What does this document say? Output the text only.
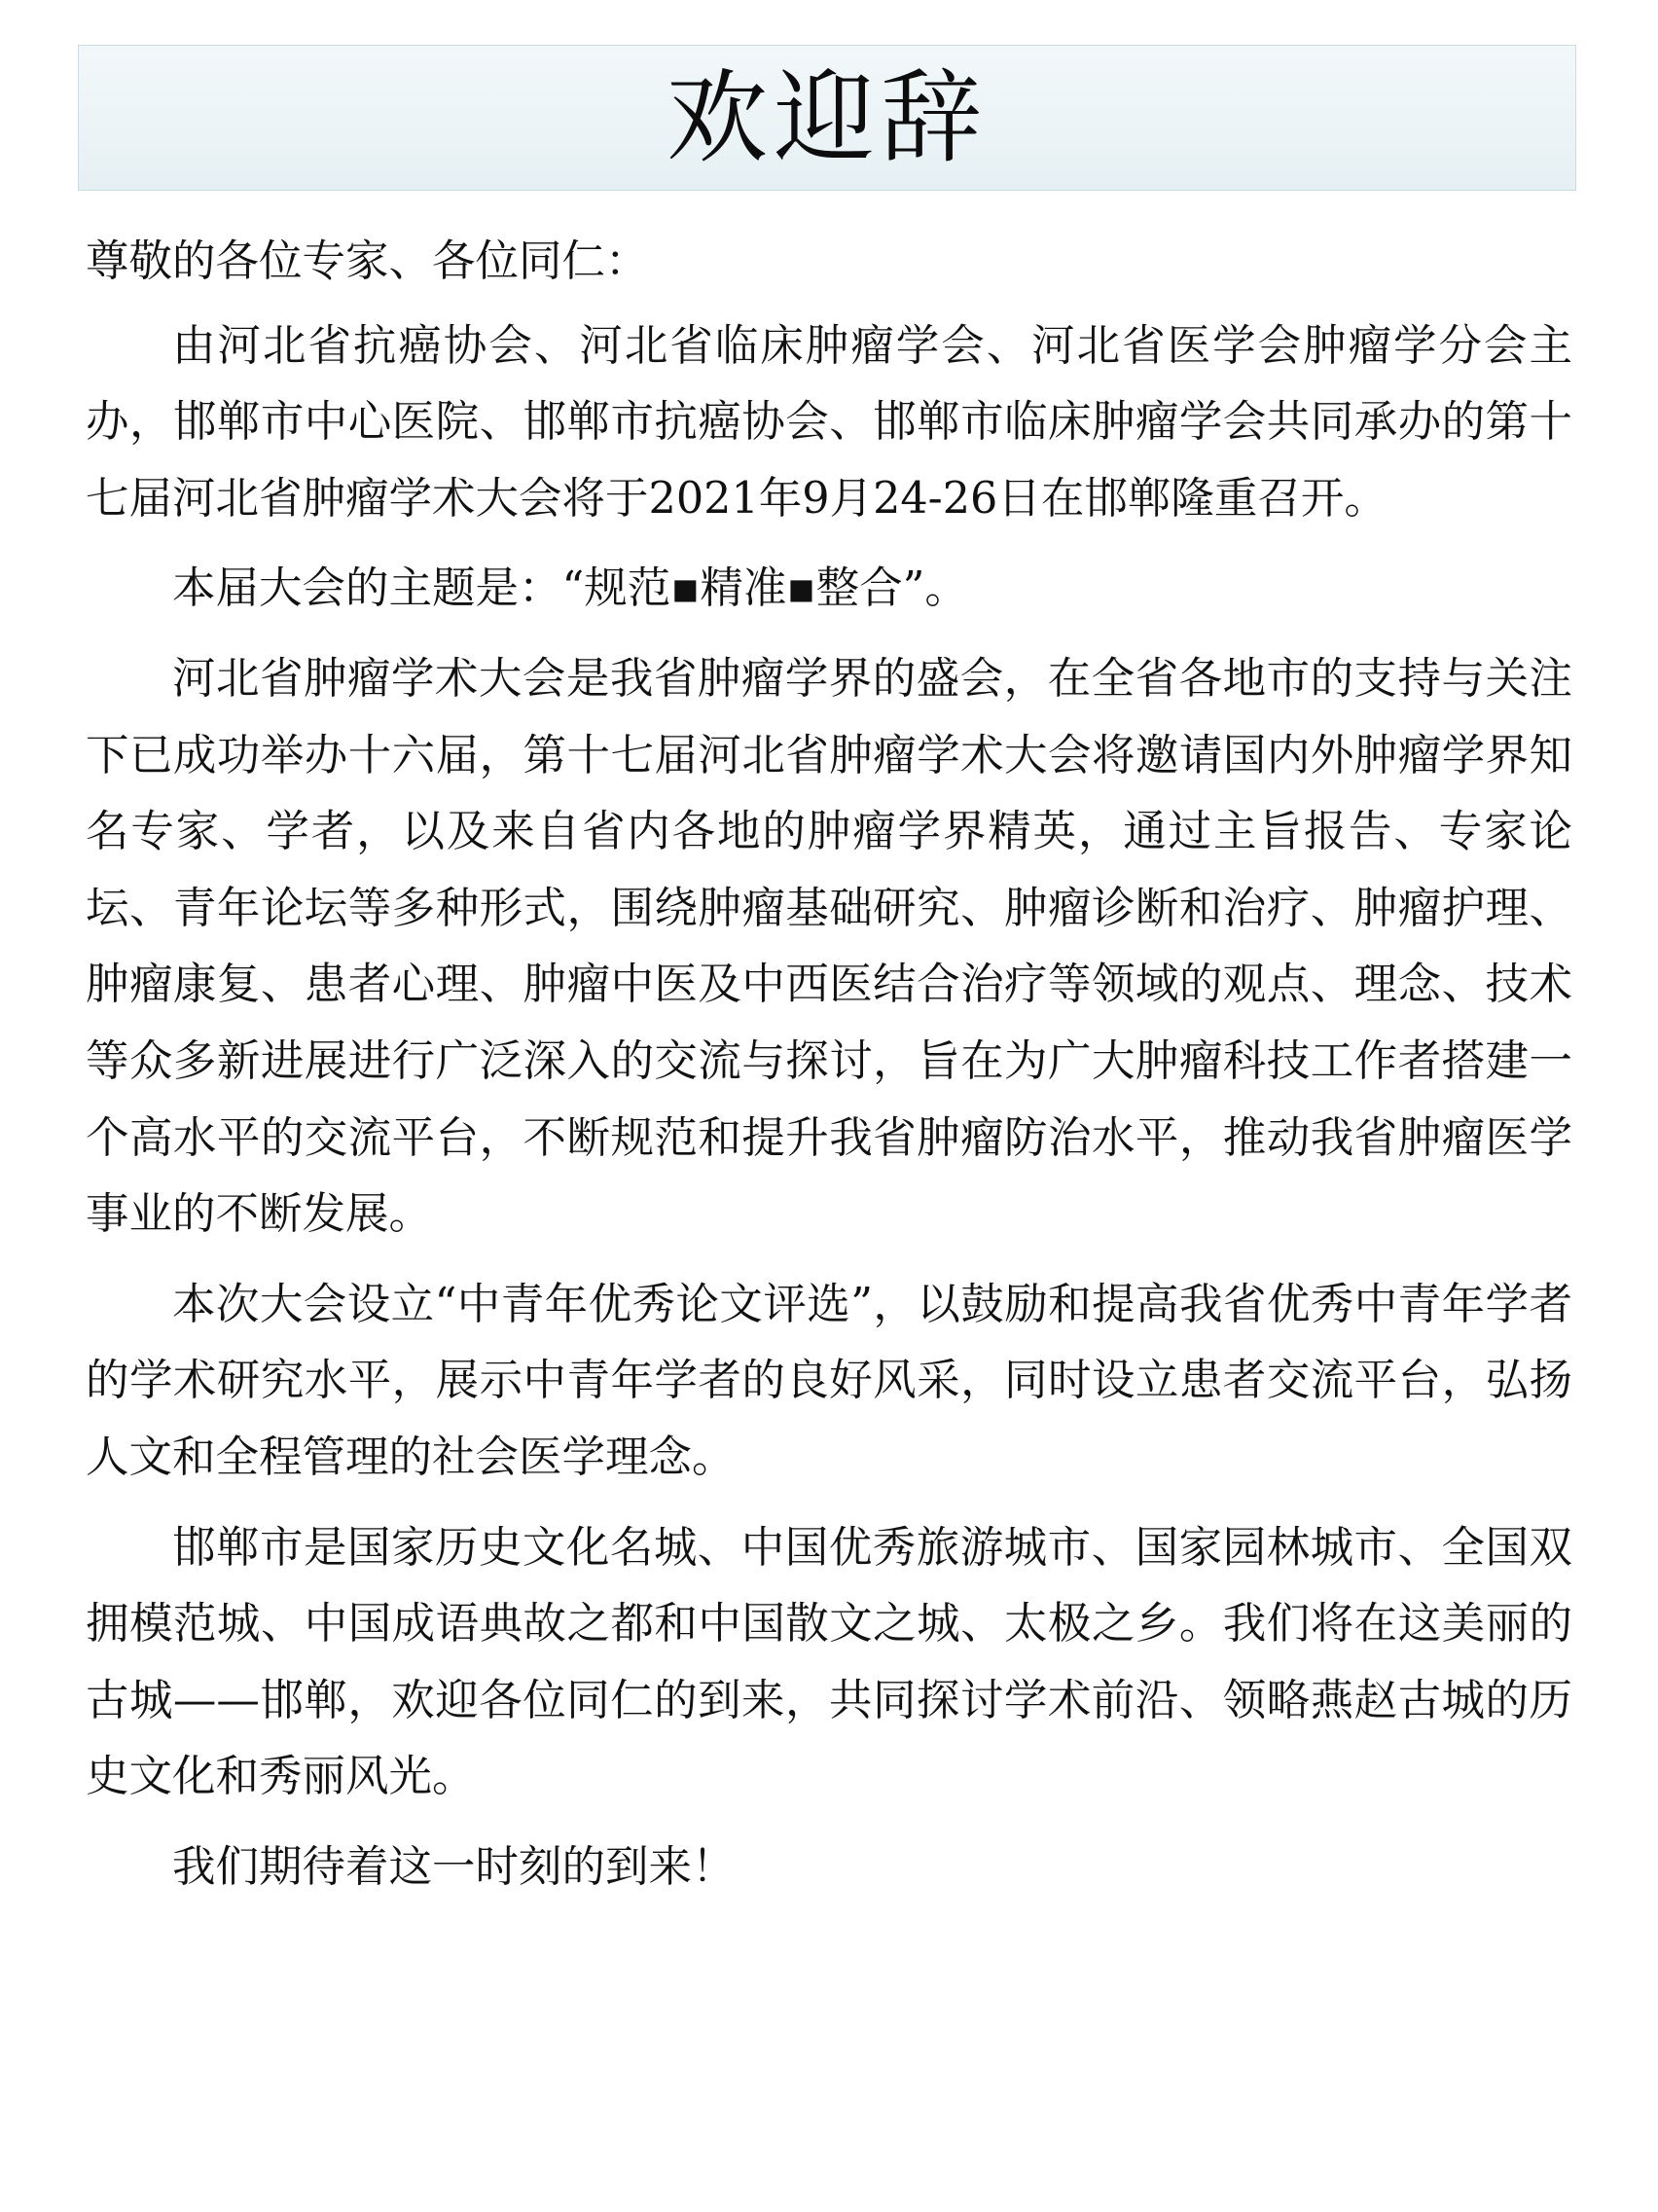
欢迎辞

尊敬的各位专家、各位同仁：

由河北省抗癌协会、河北省临床肿瘤学会、河北省医学会肿瘤学分会主办，邯郸市中心医院、邯郸市抗癌协会、邯郸市临床肿瘤学会共同承办的第十七届河北省肿瘤学术大会将于2021年9月24-26日在邯郸隆重召开。

本届大会的主题是：“规范▪精准▪整合”。

河北省肿瘤学术大会是我省肿瘤学界的盛会，在全省各地市的支持与关注下已成功举办十六届，第十七届河北省肿瘤学术大会将邀请国内外肿瘤学界知名专家、学者，以及来自省内各地的肿瘤学界精英，通过主旨报告、专家论坛、青年论坛等多种形式，围绕肿瘤基础研究、肿瘤诊断和治疗、肿瘤护理、肿瘤康复、患者心理、肿瘤中医及中西医结合治疗等领域的观点、理念、技术等众多新进展进行广泛深入的交流与探讨，旨在为广大肿瘤科技工作者搭建一个高水平的交流平台，不断规范和提升我省肿瘤防治水平，推动我省肿瘤医学事业的不断发展。

本次大会设立“中青年优秀论文评选”，以鼓励和提高我省优秀中青年学者的学术研究水平，展示中青年学者的良好风采，同时设立患者交流平台，弘扬人文和全程管理的社会医学理念。

邯郸市是国家历史文化名城、中国优秀旅游城市、国家园林城市、全国双拥模范城、中国成语典故之都和中国散文之城、太极之乡。我们将在这美丽的古城——邯郸，欢迎各位同仁的到来，共同探讨学术前沿、领略燕赵古城的历史文化和秀丽风光。

我们期待着这一时刻的到来！
